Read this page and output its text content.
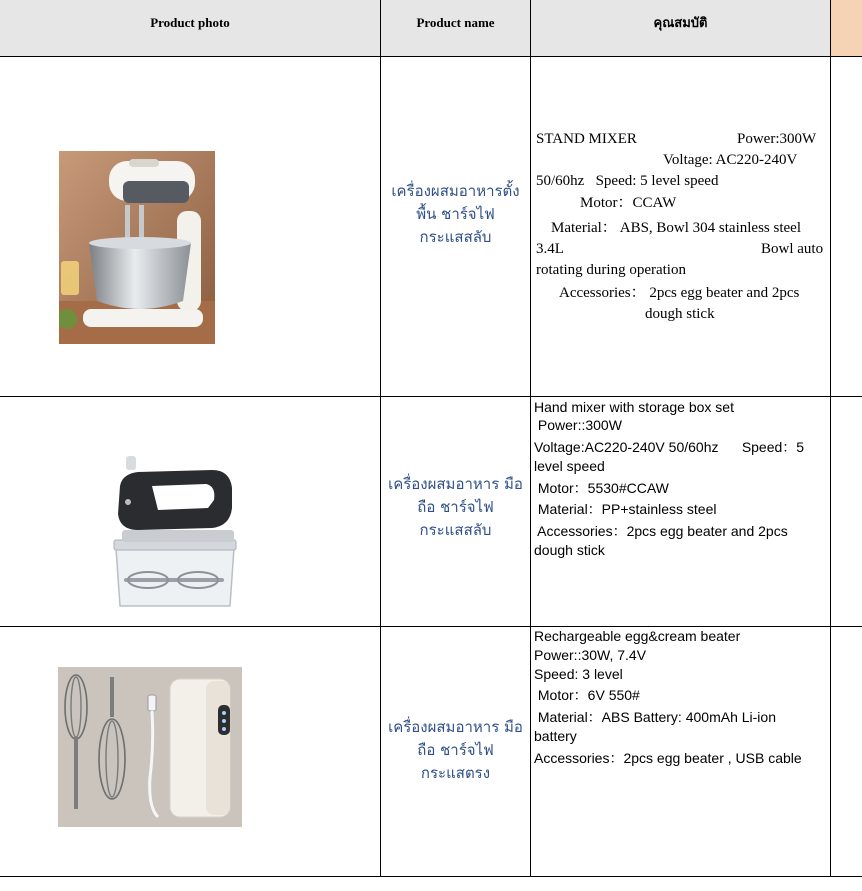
Product photo	Product name	คุณสมบัติ
เครื่องผสมอาหารตั้ง
พื้น ชาร์จไฟ
กระแสสลับ
STAND MIXER	Power:300W
Voltage: AC220-240V
50/60hz   Speed: 5 level speed
Motor：CCAW
Material： ABS, Bowl 304 stainless steel
3.4L	Bowl auto
rotating during operation
Accessories： 2pcs egg beater and 2pcs
dough stick
เครื่องผสมอาหาร มือ
ถือ ชาร์จไฟ
กระแสสลับ
Hand mixer with storage box set
Power::300W
Voltage:AC220-240V 50/60hz      Speed：5
level speed
Motor：5530#CCAW
Material：PP+stainless steel
Accessories：2pcs egg beater and 2pcs
dough stick
เครื่องผสมอาหาร มือ
ถือ ชาร์จไฟ
กระแสตรง
Rechargeable egg&cream beater
Power::30W, 7.4V
Speed: 3 level
Motor：6V 550#
Material：ABS Battery: 400mAh Li-ion
battery
Accessories：2pcs egg beater , USB cable
